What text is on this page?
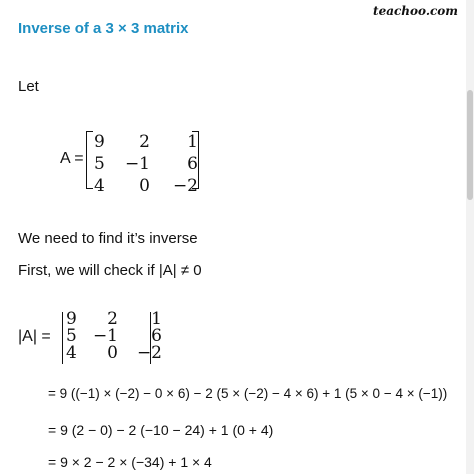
teachoo.com
Inverse of a 3 × 3 matrix
Let
A =
9	2	1
5 −1	6
4	0	−2
We need to find it’s inverse
First, we will check if |A| ≠ 0
|A| =
9	2	1
5 −1	6
4	0	−2
= 9 ((−1) × (−2) − 0 × 6) − 2 (5 × (−2) − 4 × 6) + 1 (5 × 0 − 4 × (−1))
= 9 (2 − 0) − 2 (−10 − 24) + 1 (0 + 4)
= 9 × 2 − 2 × (−34) + 1 × 4
